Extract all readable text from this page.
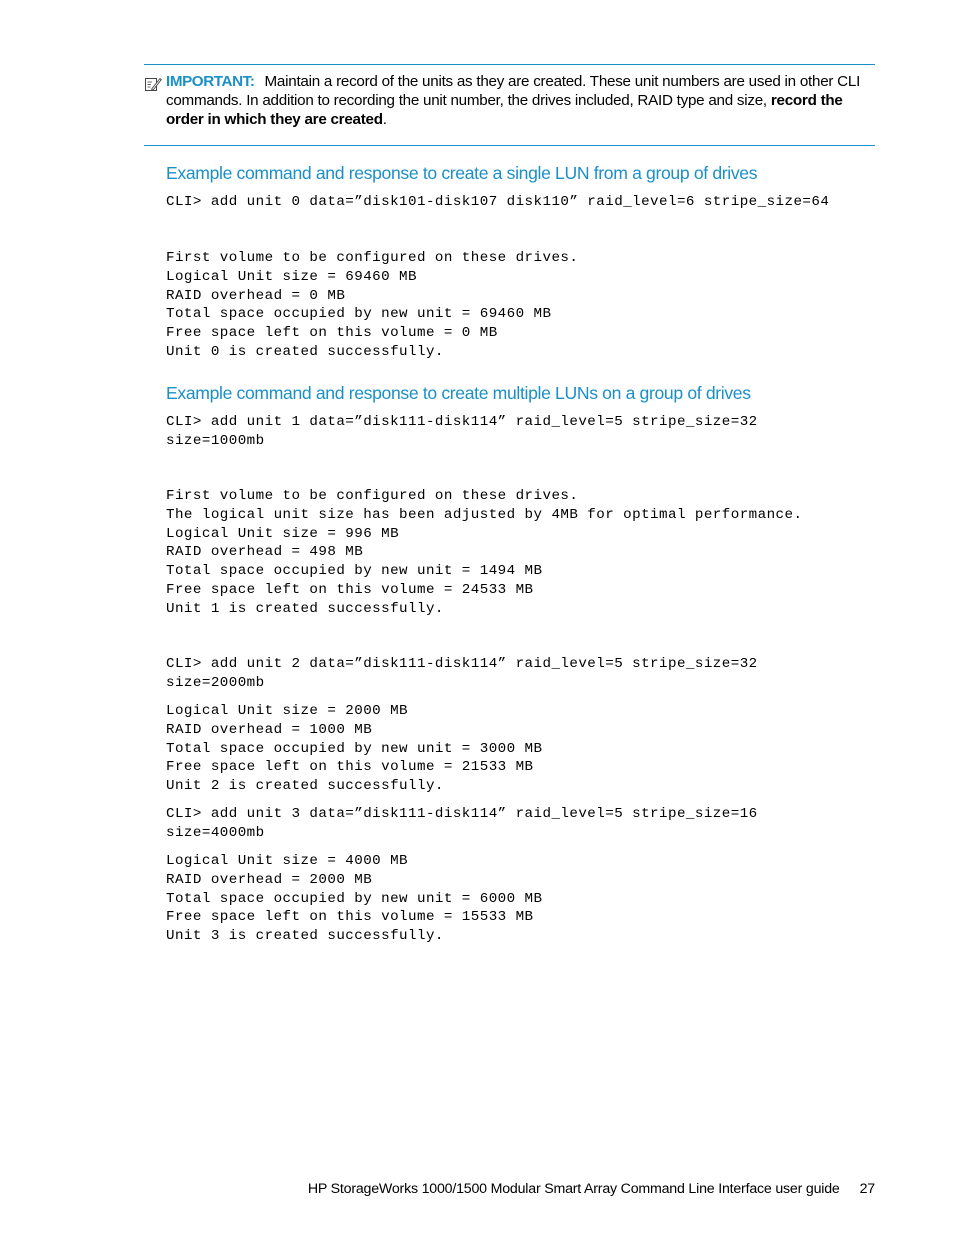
IMPORTANT: Maintain a record of the units as they are created. These unit numbers are used in other CLI commands. In addition to recording the unit number, the drives included, RAID type and size, record the order in which they are created.
Example command and response to create a single LUN from a group of drives
CLI> add unit 0 data=”disk101-disk107 disk110” raid_level=6 stripe_size=64
First volume to be configured on these drives.
Logical Unit size = 69460 MB
RAID overhead = 0 MB
Total space occupied by new unit = 69460 MB
Free space left on this volume = 0 MB
Unit 0 is created successfully.
Example command and response to create multiple LUNs on a group of drives
CLI> add unit 1 data=”disk111-disk114” raid_level=5 stripe_size=32
size=1000mb
First volume to be configured on these drives.
The logical unit size has been adjusted by 4MB for optimal performance.
Logical Unit size = 996 MB
RAID overhead = 498 MB
Total space occupied by new unit = 1494 MB
Free space left on this volume = 24533 MB
Unit 1 is created successfully.
CLI> add unit 2 data=”disk111-disk114” raid_level=5 stripe_size=32
size=2000mb
Logical Unit size = 2000 MB
RAID overhead = 1000 MB
Total space occupied by new unit = 3000 MB
Free space left on this volume = 21533 MB
Unit 2 is created successfully.
CLI> add unit 3 data=”disk111-disk114” raid_level=5 stripe_size=16
size=4000mb
Logical Unit size = 4000 MB
RAID overhead = 2000 MB
Total space occupied by new unit = 6000 MB
Free space left on this volume = 15533 MB
Unit 3 is created successfully.
HP StorageWorks 1000/1500 Modular Smart Array Command Line Interface user guide 27
